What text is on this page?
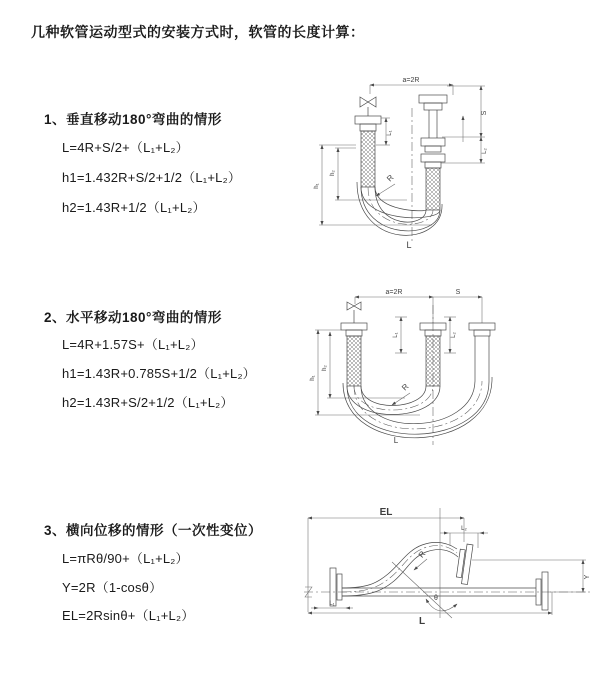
几种软管运动型式的安装方式时，软管的长度计算：
1、垂直移动180°弯曲的情形
L=4R+S/2+（L₁+L₂）
h1=1.432R+S/2+1/2（L₁+L₂）
h2=1.43R+1/2（L₁+L₂）
2、水平移动180°弯曲的情形
L=4R+1.57S+（L₁+L₂）
h1=1.43R+0.785S+1/2（L₁+L₂）
h2=1.43R+S/2+1/2（L₁+L₂）
3、横向位移的情形（一次性变位）
L=πRθ/90+（L₁+L₂）
Y=2R（1-cosθ）
EL=2Rsinθ+（L₁+L₂）
a=2R
L₁
S
L₂
h₁
h₂
R
L
a=2R	S
L₁	L₂
h₁
h₂
R
L
EL
L₂
θ
R
Y
L₁
L
